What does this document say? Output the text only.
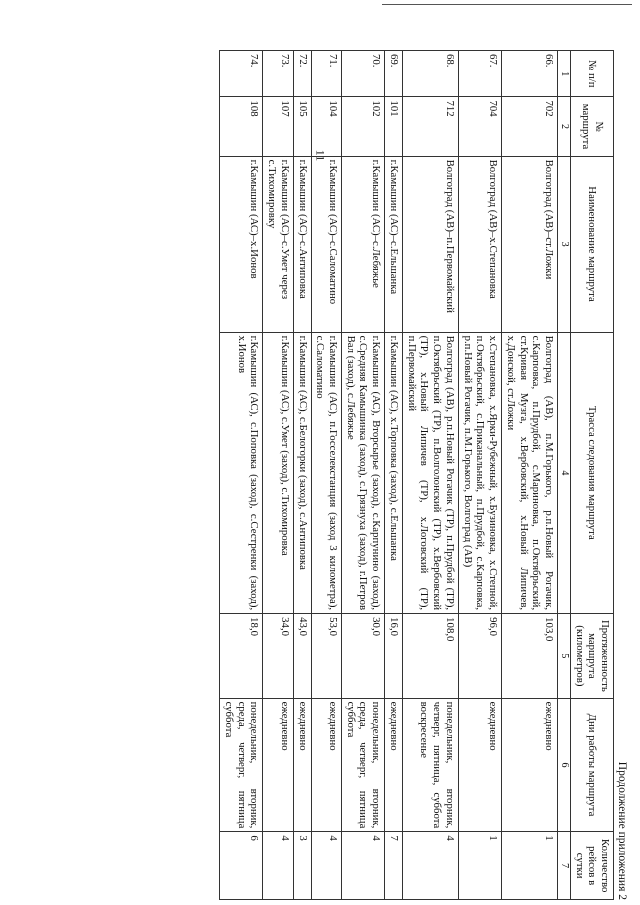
11
Продолжение приложения 2
№ п/п	№ маршрута	Наименование маршрута	Трасса следования маршрута	Протяженность маршрута (километров)	Дни работы маршрута	Количество рейсов в сутки
1	2	3	4	5	6	7
66.	702	Волгоград (АВ)–ст.Ложки	Волгоград (АВ), п.М.Горького, р.п.Новый Рогачик, с.Карповка, п.Прудбой, с.Мариновка, п.Октябрьский, ст.Кривая Музга, х.Вербовский, х.Новый Липичев, х.Донской, ст.Ложки	103,0	ежедневно	1
67.	704	Волгоград (АВ)–х.Степановка	х.Степановка, х.Ярки-Рубежный, х.Бузиновка, х.Степной, п.Октябрьский, с.Приканальный, п.Прудбой, с.Карповка, р.п.Новый Рогачик, п.М.Горького, Волгоград (АВ)	96,0	ежедневно	1
68.	712	Волгоград (АВ)–п.Первомайский	Волгоград (АВ), р.п.Новый Рогачик (ТР), п.Прудбой (ТР), п.Октябрьский (ТР), п.Волголонский (ТР), х.Вербовский (ТР), х.Новый Липичев (ТР), х.Логовский (ТР), п.Первомайский	108,0	понедельник, вторник, четверг, пятница, суббота воскресенье	4
69.	101	г.Камышин (АС)–с.Ельшанка	г.Камышин (АС), х.Торповка (заход), с.Ельшанка	16,0	ежедневно	7
70.	102	г.Камышин (АС)–с.Лебяжье	г.Камышин (АС), Вторсырье (заход), с.Карпунино (заход), с.Средняя Камышинка (заход), с.Грязнуха (заход), г.Петров Вал (заход), с.Лебяжье	30,0	понедельник, вторник, среда, четверг, пятница суббота	4
71.	104	г.Камышин (АС)–с.Саломатино	г.Камышин (АС), п.Госселекстанция (заход 3 километра), с.Саломатино	53,0	ежедневно	4
72.	105	г.Камышин (АС)–с.Антиповка	г.Камышин (АС), с.Белогорки (заход), с.Антиповка	43,0	ежедневно	3
73.	107	г.Камышин (АС)–с.Умет через с.Тихомировку	г.Камышин (АС), с.Умет (заход), с.Тихомировка	34,0	ежедневно	4
74.	108	г.Камышин (АС)–х.Ионов	г.Камышин (АС), с.Поповка (заход), с.Сестренки (заход), х.Ионов	18,0	понедельник, вторник, среда, четверг, пятница суббота	6
